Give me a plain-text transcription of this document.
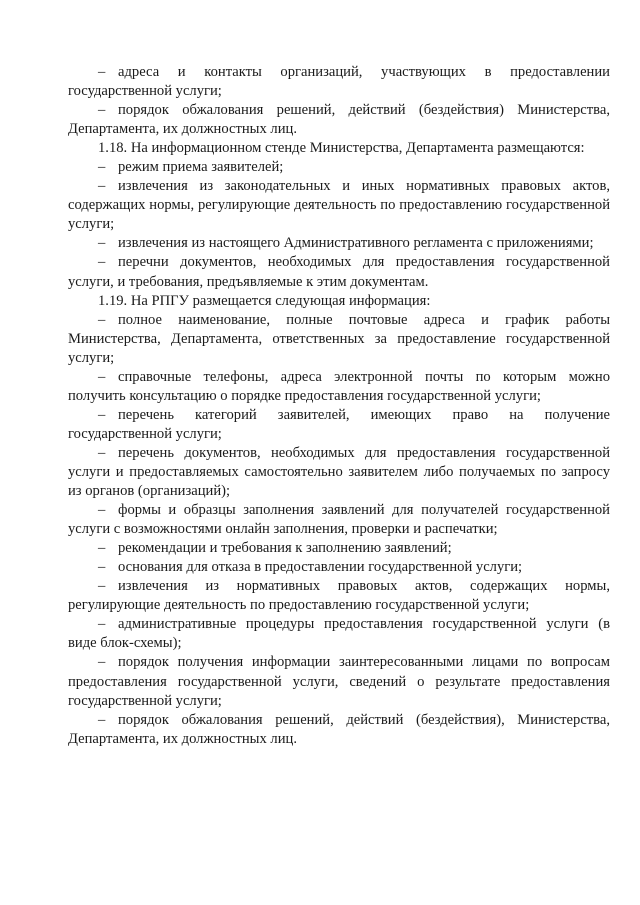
– адреса и контакты организаций, участвующих в предоставлении государственной услуги;

– порядок обжалования решений, действий (бездействия) Министерства, Департамента, их должностных лиц.

1.18. На информационном стенде Министерства, Департамента размещаются:

– режим приема заявителей;

– извлечения из законодательных и иных нормативных правовых актов, содержащих нормы, регулирующие деятельность по предоставлению государственной услуги;

– извлечения из настоящего Административного регламента с приложениями;

– перечни документов, необходимых для предоставления государственной услуги, и требования, предъявляемые к этим документам.

1.19. На РПГУ размещается следующая информация:

– полное наименование, полные почтовые адреса и график работы Министерства, Департамента, ответственных за предоставление государственной услуги;

– справочные телефоны, адреса электронной почты по которым можно получить консультацию о порядке предоставления государственной услуги;

– перечень категорий заявителей, имеющих право на получение государственной услуги;

– перечень документов, необходимых для предоставления государственной услуги и предоставляемых самостоятельно заявителем либо получаемых по запросу из органов (организаций);

– формы и образцы заполнения заявлений для получателей государственной услуги с возможностями онлайн заполнения, проверки и распечатки;

– рекомендации и требования к заполнению заявлений;

– основания для отказа в предоставлении государственной услуги;

– извлечения из нормативных правовых актов, содержащих нормы, регулирующие деятельность по предоставлению государственной услуги;

– административные процедуры предоставления государственной услуги (в виде блок-схемы);

– порядок получения информации заинтересованными лицами по вопросам предоставления государственной услуги, сведений о результате предоставления государственной услуги;

– порядок обжалования решений, действий (бездействия), Министерства, Департамента, их должностных лиц.
